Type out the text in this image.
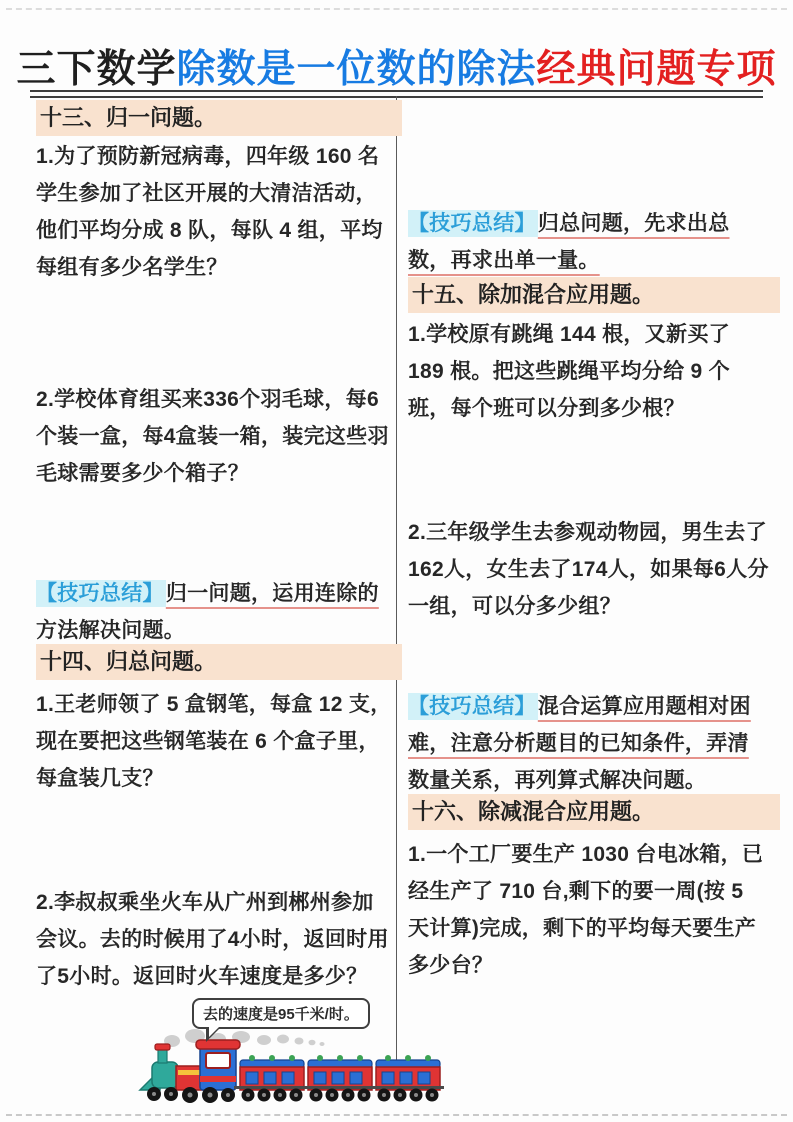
三下数学除数是一位数的除法经典问题专项
十三、归一问题。
1.为了预防新冠病毒，四年级 160 名学生参加了社区开展的大清洁活动，他们平均分成 8 队，每队 4 组，平均每组有多少名学生？
2.学校体育组买来336个羽毛球，每6个装一盒，每4盒装一箱，装完这些羽毛球需要多少个箱子？
【技巧总结】归一问题，运用连除的方法解决问题。
十四、归总问题。
1.王老师领了 5 盒钢笔，每盒 12 支，现在要把这些钢笔装在 6 个盒子里，每盒装几支？
2.李叔叔乘坐火车从广州到郴州参加会议。去的时候用了4小时，返回时用了5小时。返回时火车速度是多少？
去的速度是95千米/时。
【技巧总结】归总问题，先求出总数，再求出单一量。
十五、除加混合应用题。
1.学校原有跳绳 144 根，又新买了 189 根。把这些跳绳平均分给 9 个班，每个班可以分到多少根？
2.三年级学生去参观动物园，男生去了162人，女生去了174人，如果每6人分一组，可以分多少组？
【技巧总结】混合运算应用题相对困难，注意分析题目的已知条件，弄清数量关系，再列算式解决问题。
十六、除减混合应用题。
1.一个工厂要生产 1030 台电冰箱，已经生产了 710 台,剩下的要一周(按 5 天计算)完成，剩下的平均每天要生产多少台？
